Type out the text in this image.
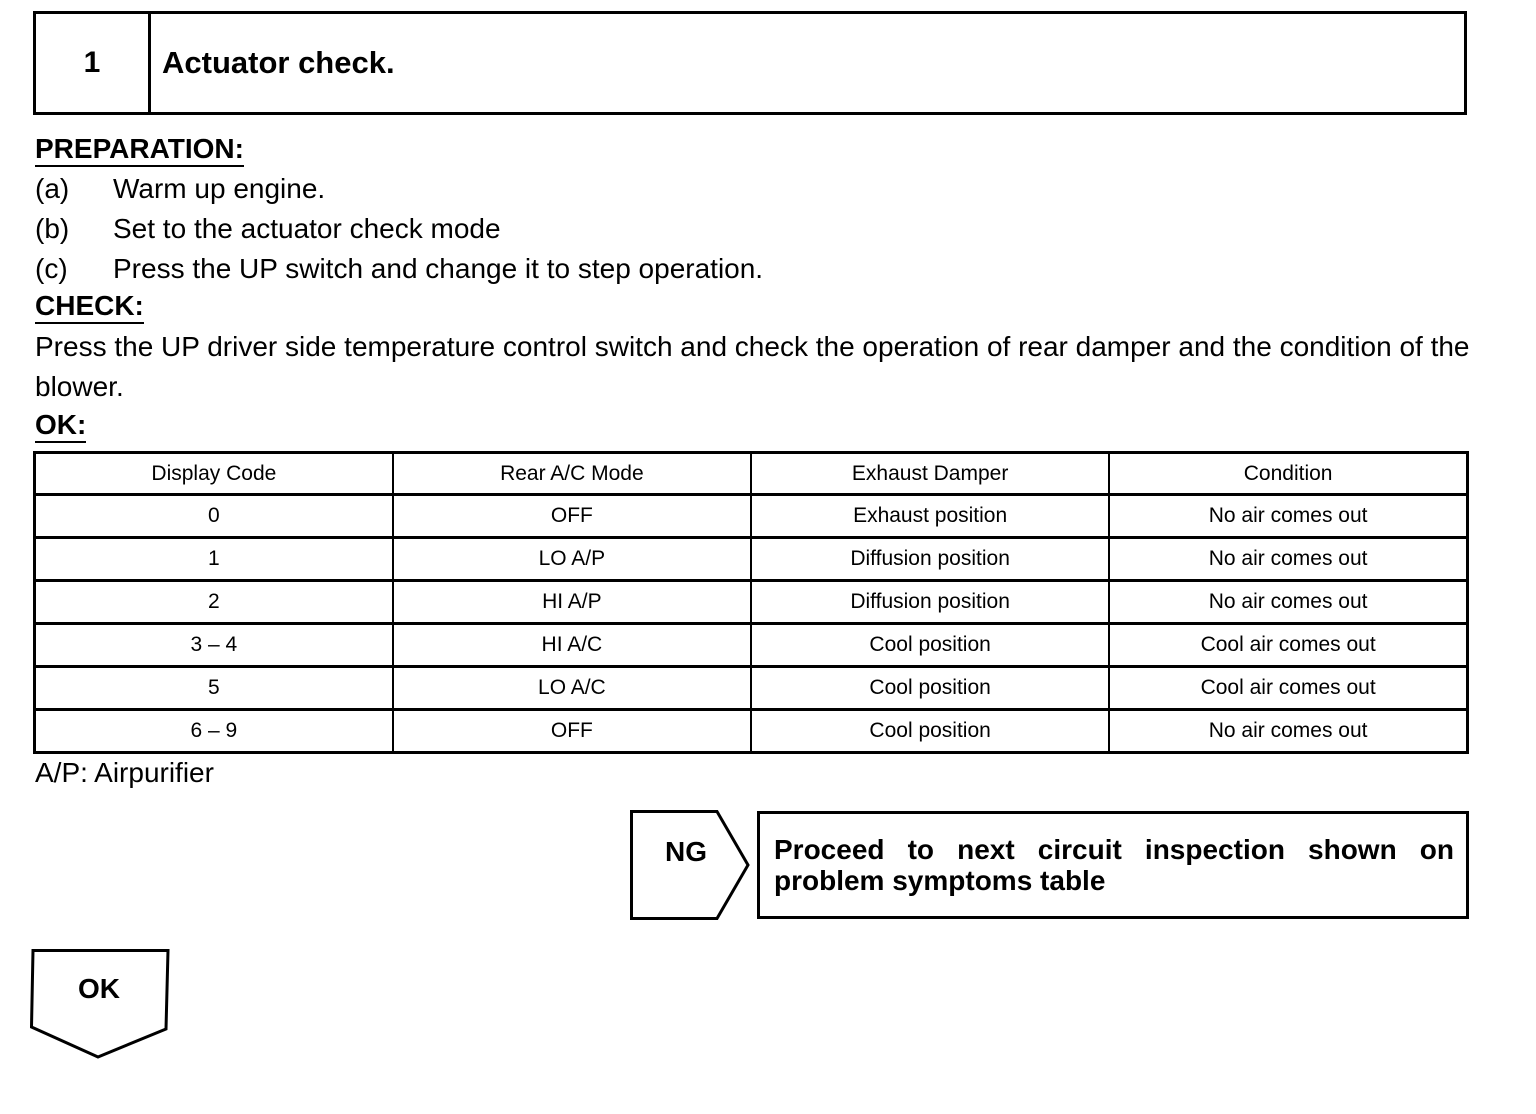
1	Actuator check.
PREPARATION:
(a) Warm up engine.
(b) Set to the actuator check mode
(c) Press the UP switch and change it to step operation.
CHECK:
Press the UP driver side temperature control switch and check the operation of rear damper and the condition of the blower.
OK:
Display Code	Rear A/C Mode	Exhaust Damper	Condition
0	OFF	Exhaust position	No air comes out
1	LO A/P	Diffusion position	No air comes out
2	HI A/P	Diffusion position	No air comes out
3 – 4	HI A/C	Cool position	Cool air comes out
5	LO A/C	Cool position	Cool air comes out
6 – 9	OFF	Cool position	No air comes out
A/P: Airpurifier
NG	Proceed to next circuit inspection shown on problem symptoms table
OK
